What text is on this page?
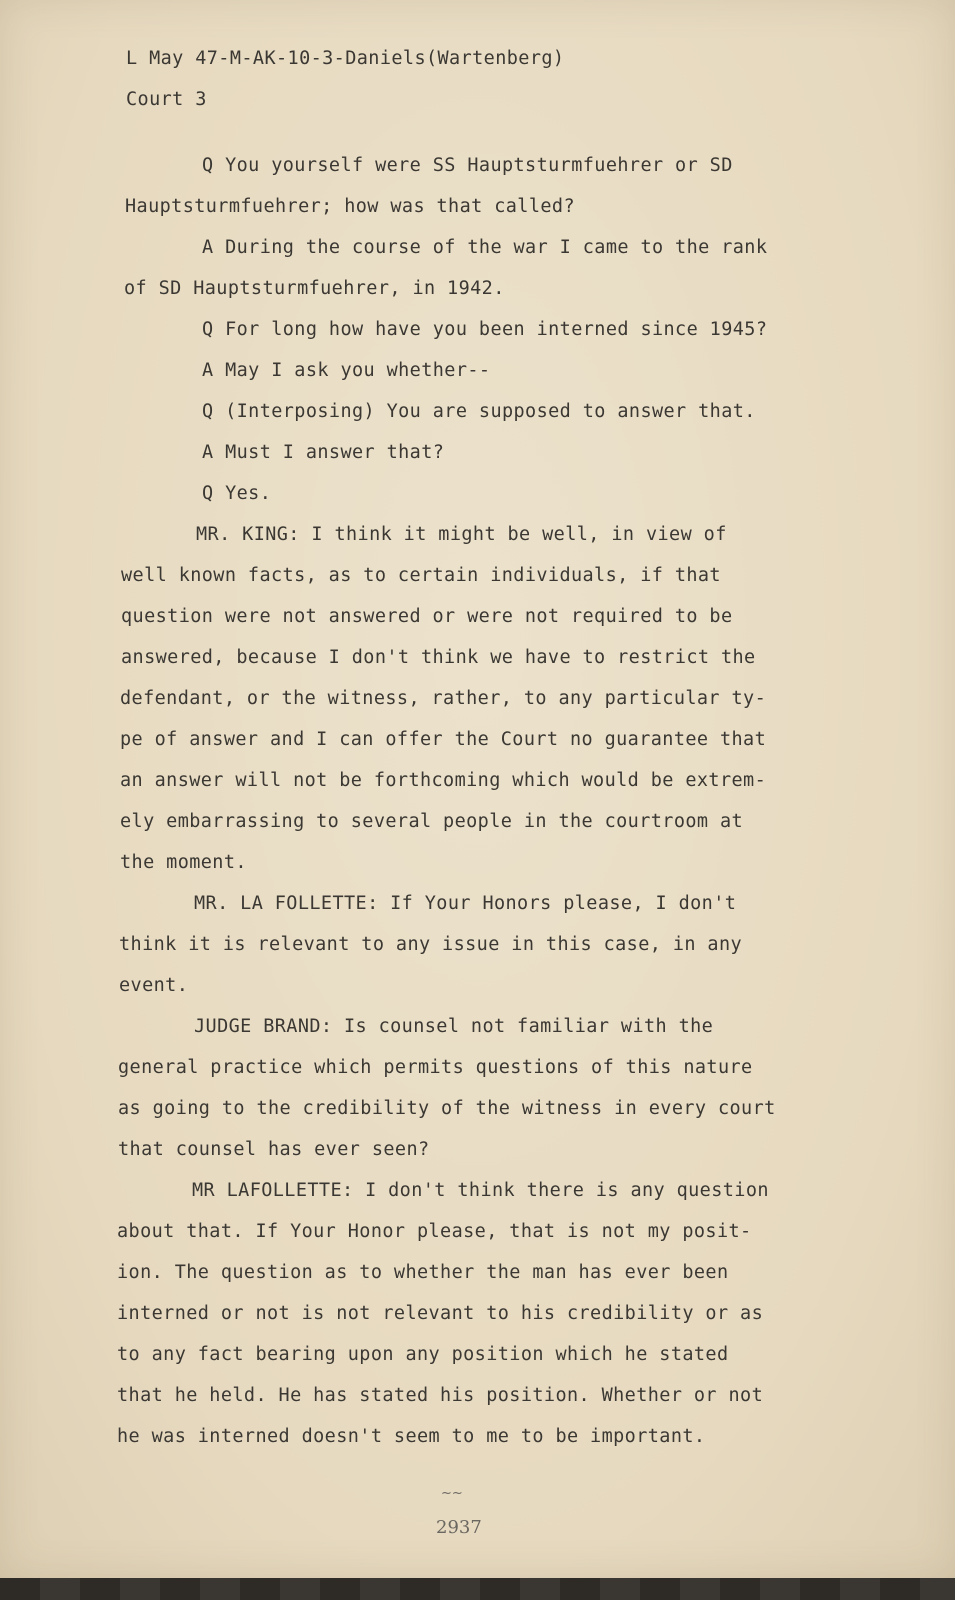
L May 47-M-AK-10-3-Daniels(Wartenberg)
Court 3
Q You yourself were SS Hauptsturmfuehrer or SD
Hauptsturmfuehrer; how was that called?
A During the course of the war I came to the rank
of SD Hauptsturmfuehrer, in 1942.
Q For long how have you been interned since 1945?
A May I ask you whether--
Q (Interposing) You are supposed to answer that.
A Must I answer that?
Q Yes.
MR. KING: I think it might be well, in view of
well known facts, as to certain individuals, if that
question were not answered or were not required to be
answered, because I don't think we have to restrict the
defendant, or the witness, rather, to any particular ty-
pe of answer and I can offer the Court no guarantee that
an answer will not be forthcoming which would be extrem-
ely embarrassing to several people in the courtroom at
the moment.
MR. LA FOLLETTE: If Your Honors please, I don't
think it is relevant to any issue in this case, in any
event.
JUDGE BRAND: Is counsel not familiar with the
general practice which permits questions of this nature
as going to the credibility of the witness in every court
that counsel has ever seen?
MR LAFOLLETTE: I don't think there is any question
about that. If Your Honor please, that is not my posit-
ion. The question as to whether the man has ever been
interned or not is not relevant to his credibility or as
to any fact bearing upon any position which he stated
that he held. He has stated his position. Whether or not
he was interned doesn't seem to me to be important.
~~
2937
